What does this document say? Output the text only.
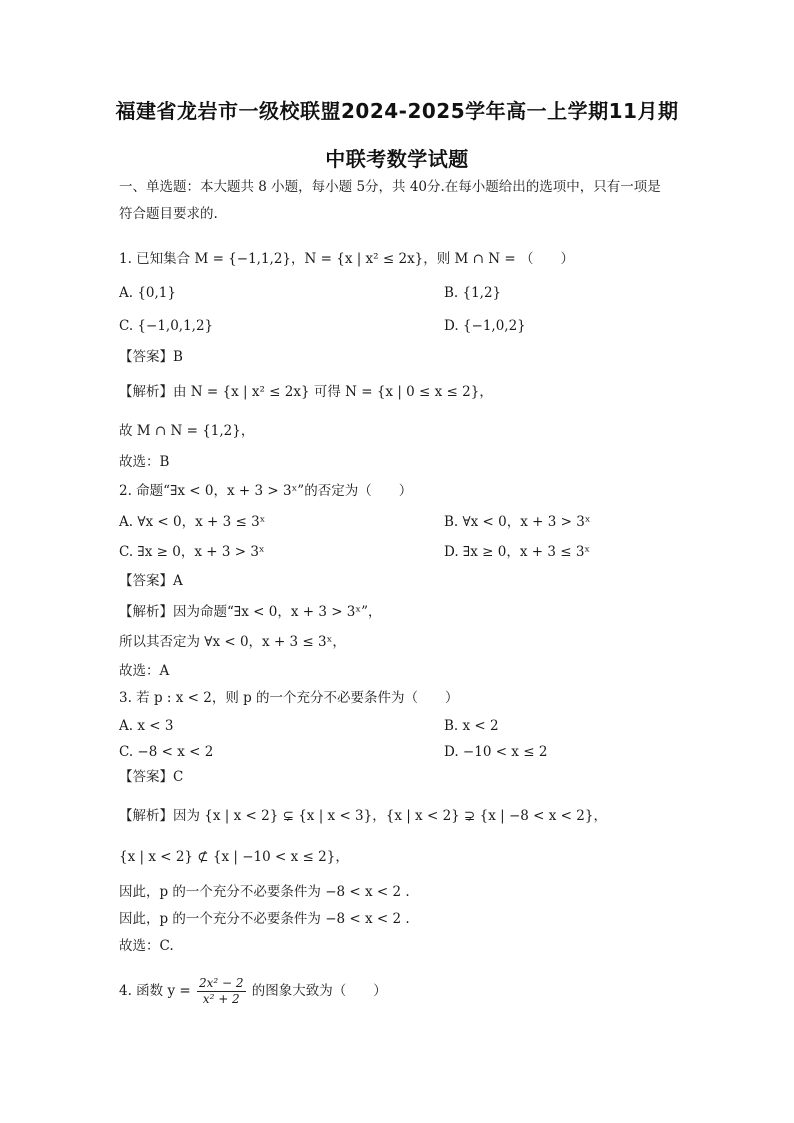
福建省龙岩市一级校联盟2024-2025学年高一上学期11月期
中联考数学试题
一、单选题：本大题共 8 小题，每小题 5分，共 40分.在每小题给出的选项中，只有一项是
符合题目要求的.
1. 已知集合 M = {−1,1,2}，N = {x | x² ≤ 2x}，则 M ∩ N = （　　）
A. {0,1}	B. {1,2}
C. {−1,0,1,2}	D. {−1,0,2}
【答案】B
【解析】由 N = {x | x² ≤ 2x} 可得 N = {x | 0 ≤ x ≤ 2}，
故 M ∩ N = {1,2}，
故选：B
2. 命题“∃x < 0，x + 3 > 3ˣ”的否定为（　　）
A. ∀x < 0，x + 3 ≤ 3ˣ	B. ∀x < 0，x + 3 > 3ˣ
C. ∃x ≥ 0，x + 3 > 3ˣ	D. ∃x ≥ 0，x + 3 ≤ 3ˣ
【答案】A
【解析】因为命题“∃x < 0，x + 3 > 3ˣ”，
所以其否定为 ∀x < 0，x + 3 ≤ 3ˣ，
故选：A
3. 若 p : x < 2，则 p 的一个充分不必要条件为（　　）
A. x < 3	B. x < 2
C. −8 < x < 2	D. −10 < x ≤ 2
【答案】C
【解析】因为 {x | x < 2} ⊊ {x | x < 3}，{x | x < 2} ⊋ {x | −8 < x < 2}，
{x | x < 2} ⊄ {x | −10 < x ≤ 2}，
因此，p 的一个充分不必要条件为 −8 < x < 2 .
因此，p 的一个充分不必要条件为 −8 < x < 2 .
故选：C.
4. 函数 $y = \frac{\text{2x² − 2}}{\text{x² + 2}}$ 的图象大致为（　　）
